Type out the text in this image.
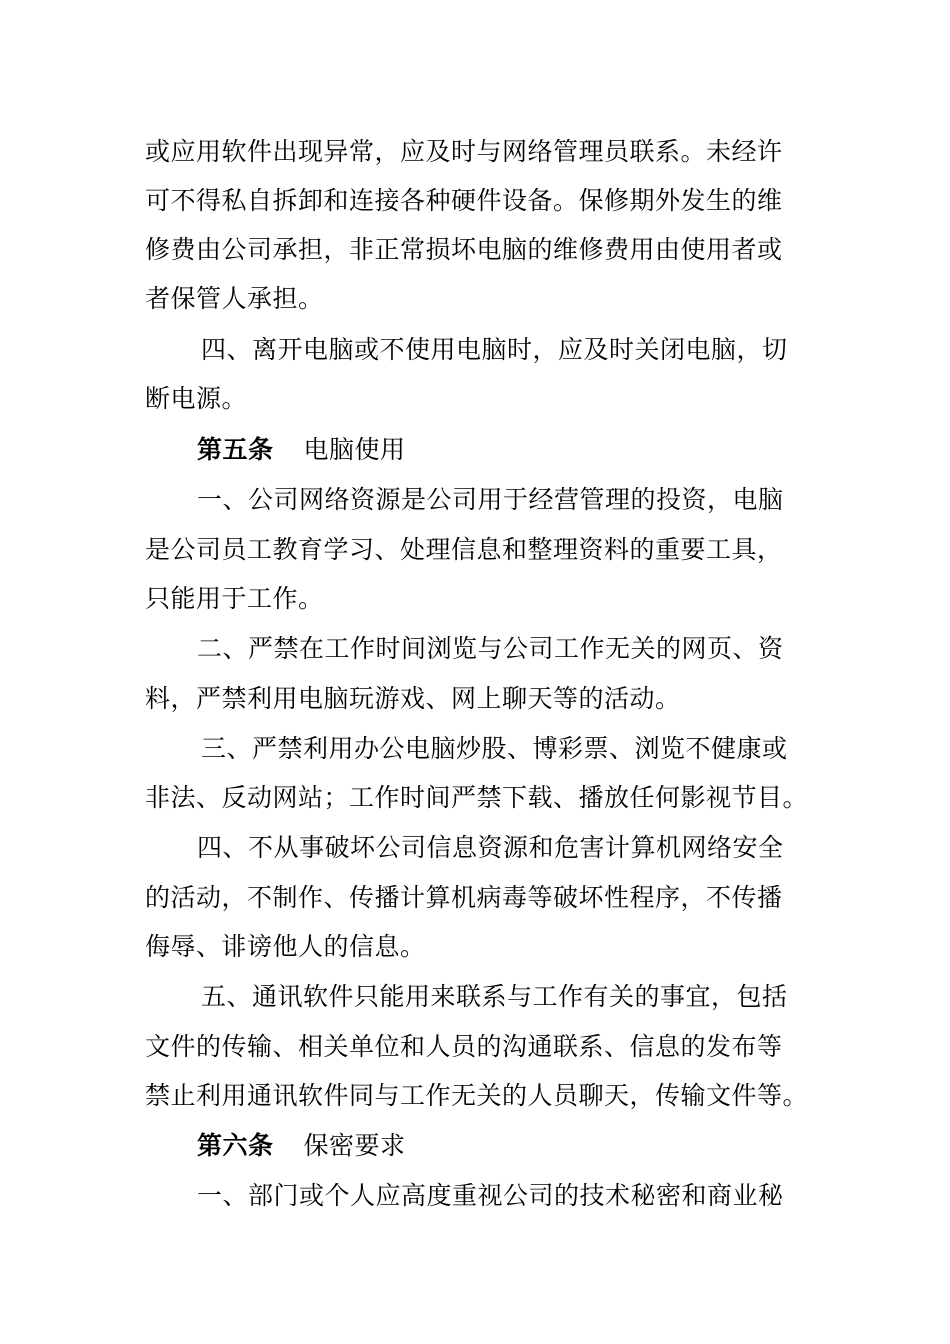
或应用软件出现异常，应及时与网络管理员联系。未经许
可不得私自拆卸和连接各种硬件设备。保修期外发生的维
修费由公司承担，非正常损坏电脑的维修费用由使用者或
者保管人承担。
四、离开电脑或不使用电脑时，应及时关闭电脑，切
断电源。
第五条 电脑使用
一、公司网络资源是公司用于经营管理的投资，电脑
是公司员工教育学习、处理信息和整理资料的重要工具，
只能用于工作。
二、严禁在工作时间浏览与公司工作无关的网页、资
料，严禁利用电脑玩游戏、网上聊天等的活动。
三、严禁利用办公电脑炒股、博彩票、浏览不健康或
非法、反动网站；工作时间严禁下载、播放任何影视节目。
四、不从事破坏公司信息资源和危害计算机网络安全
的活动，不制作、传播计算机病毒等破坏性程序，不传播
侮辱、诽谤他人的信息。
五、通讯软件只能用来联系与工作有关的事宜，包括
文件的传输、相关单位和人员的沟通联系、信息的发布等
禁止利用通讯软件同与工作无关的人员聊天，传输文件等。
第六条 保密要求
一、部门或个人应高度重视公司的技术秘密和商业秘
